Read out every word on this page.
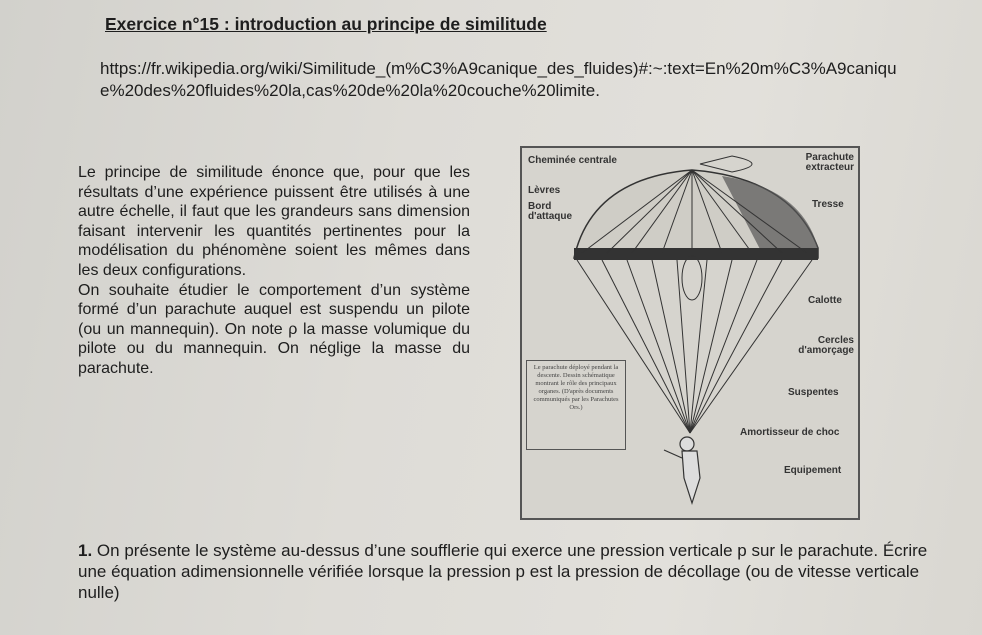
Exercice n°15 : introduction au principe de similitude
https://fr.wikipedia.org/wiki/Similitude_(m%C3%A9canique_des_fluides)#:~:text=En%20m%C3%A9canique%20des%20fluides%20la,cas%20de%20la%20couche%20limite.

Le principe de similitude énonce que, pour que les résultats d’une expérience puissent être utilisés à une autre échelle, il faut que les grandeurs sans dimension faisant intervenir les quantités pertinentes pour la modélisation du phénomène soient les mêmes dans les deux configurations.

On souhaite étudier le comportement d’un système formé d’un parachute auquel est suspendu un pilote (ou un mannequin). On note ρ la masse volumique du pilote ou du mannequin. On néglige la masse du parachute.

Cheminée centrale	Parachute extracteur
Lèvres
Tresse
Bord d'attaque
Calotte
Cercles d'amorçage
Suspentes
Amortisseur de choc
Equipement
Le parachute déployé pendant la descente. Dessin schématique montrant le rôle des principaux organes. (D'après documents communiqués par les Parachutes Ors.)
1. On présente le système au-dessus d’une soufflerie qui exerce une pression verticale p sur le parachute. Écrire une équation adimensionnelle vérifiée lorsque la pression p est la pression de décollage (ou de vitesse verticale nulle)
